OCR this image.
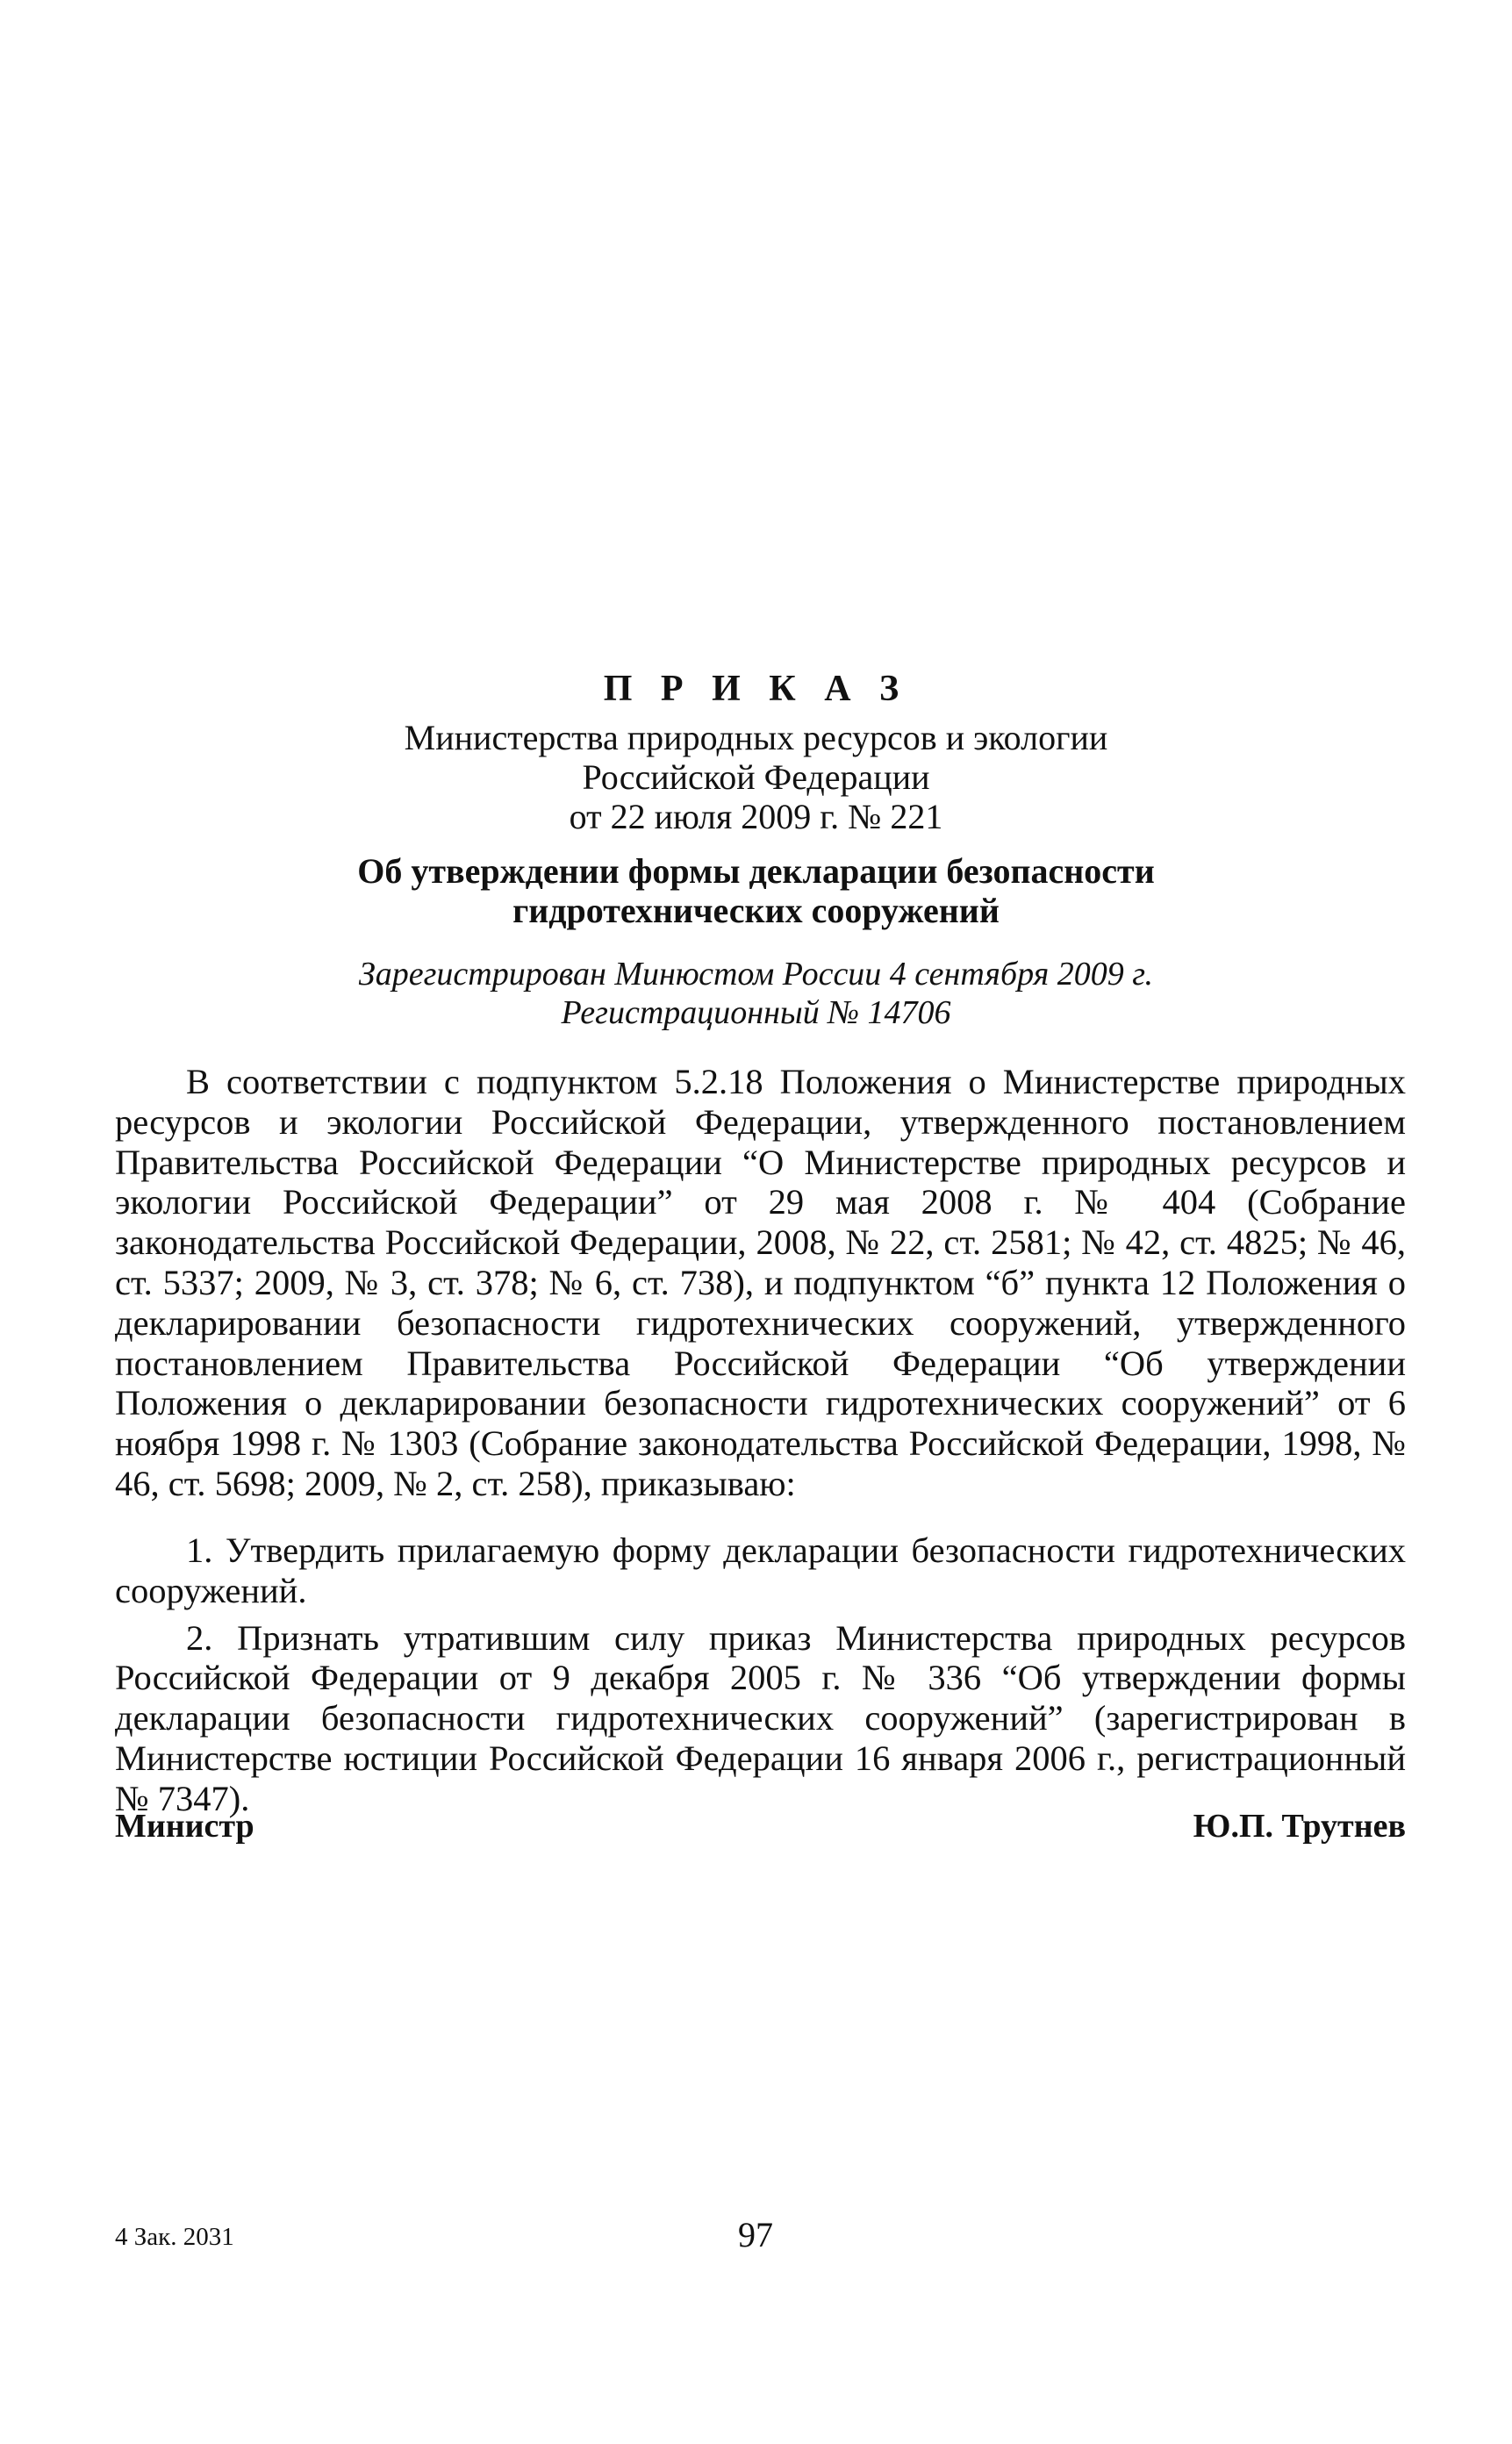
П Р И К А З
Министерства природных ресурсов и экологии
Российской Федерации
от 22 июля 2009 г. № 221
Об утверждении формы декларации безопасности
гидротехнических сооружений
Зарегистрирован Минюстом России 4 сентября 2009 г.
Регистрационный № 14706

В соответствии с подпунктом 5.2.18 Положения о Министерстве природных ресурсов и экологии Российской Федерации, утвержденного постановлением Правительства Российской Федерации “О Министерстве природных ресурсов и экологии Российской Федерации” от 29 мая 2008 г. № 404 (Собрание законодательства Российской Федерации, 2008, № 22, ст. 2581; № 42, ст. 4825; № 46, ст. 5337; 2009, № 3, ст. 378; № 6, ст. 738), и подпунктом “б” пункта 12 Положения о декларировании безопасности гидротехнических сооружений, утвержденного постановлением Правительства Российской Федерации “Об утверждении Положения о декларировании безопасности гидротехнических сооружений” от 6 ноября 1998 г. № 1303 (Собрание законодательства Российской Федерации, 1998, № 46, ст. 5698; 2009, № 2, ст. 258), приказываю:

1. Утвердить прилагаемую форму декларации безопасности гидротехнических сооружений.

2. Признать утратившим силу приказ Министерства природных ресурсов Российской Федерации от 9 декабря 2005 г. № 336 “Об утверждении формы декларации безопасности гидротехнических сооружений” (зарегистрирован в Министерстве юстиции Российской Федерации 16 января 2006 г., регистрационный № 7347).

Министр	Ю.П. Трутнев
4 Зак. 2031	97
